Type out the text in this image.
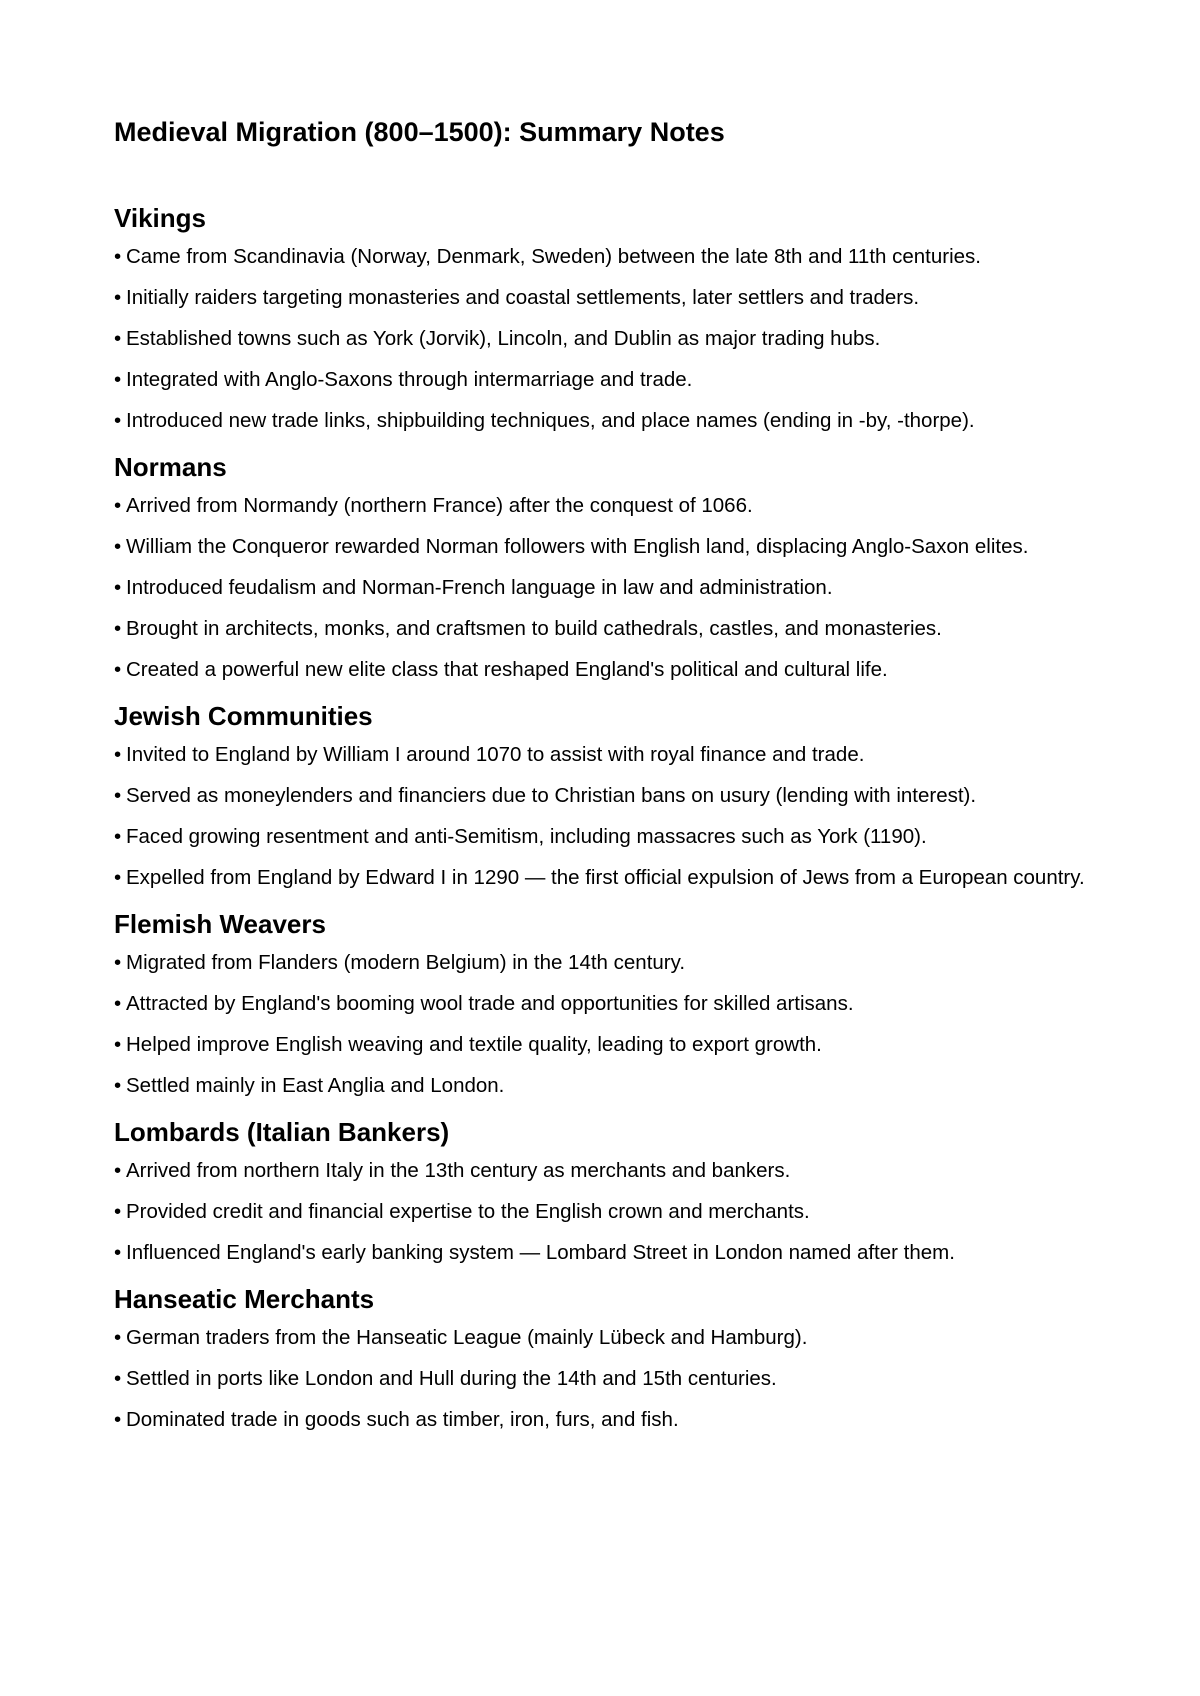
Medieval Migration (800–1500): Summary Notes
Vikings
• Came from Scandinavia (Norway, Denmark, Sweden) between the late 8th and 11th centuries.
• Initially raiders targeting monasteries and coastal settlements, later settlers and traders.
• Established towns such as York (Jorvik), Lincoln, and Dublin as major trading hubs.
• Integrated with Anglo-Saxons through intermarriage and trade.
• Introduced new trade links, shipbuilding techniques, and place names (ending in -by, -thorpe).
Normans
• Arrived from Normandy (northern France) after the conquest of 1066.
• William the Conqueror rewarded Norman followers with English land, displacing Anglo-Saxon elites.
• Introduced feudalism and Norman-French language in law and administration.
• Brought in architects, monks, and craftsmen to build cathedrals, castles, and monasteries.
• Created a powerful new elite class that reshaped England's political and cultural life.
Jewish Communities
• Invited to England by William I around 1070 to assist with royal finance and trade.
• Served as moneylenders and financiers due to Christian bans on usury (lending with interest).
• Faced growing resentment and anti-Semitism, including massacres such as York (1190).
• Expelled from England by Edward I in 1290 — the first official expulsion of Jews from a European country.
Flemish Weavers
• Migrated from Flanders (modern Belgium) in the 14th century.
• Attracted by England's booming wool trade and opportunities for skilled artisans.
• Helped improve English weaving and textile quality, leading to export growth.
• Settled mainly in East Anglia and London.
Lombards (Italian Bankers)
• Arrived from northern Italy in the 13th century as merchants and bankers.
• Provided credit and financial expertise to the English crown and merchants.
• Influenced England's early banking system — Lombard Street in London named after them.
Hanseatic Merchants
• German traders from the Hanseatic League (mainly Lübeck and Hamburg).
• Settled in ports like London and Hull during the 14th and 15th centuries.
• Dominated trade in goods such as timber, iron, furs, and fish.
